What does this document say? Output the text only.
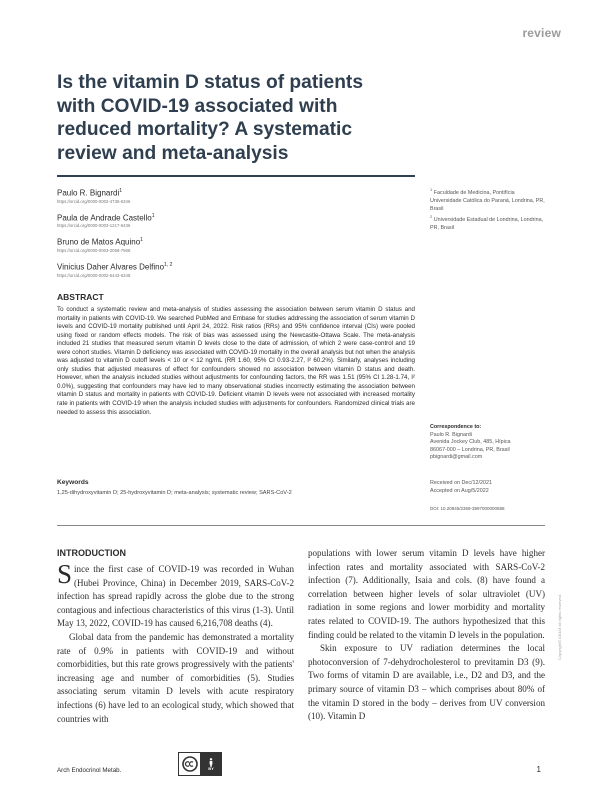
review
Is the vitamin D status of patients with COVID-19 associated with reduced mortality? A systematic review and meta-analysis
Paulo R. Bignardi$^1$
https://orcid.org/0000-0002-4736-6346
Paula de Andrade Castello$^1$
https://orcid.org/0000-0003-1217-6436
Bruno de Matos Aquino$^1$
https://orcid.org/0000-0003-2058-7568
Vinicius Daher Alvares Delfino$^{1, 2}$
https://orcid.org/0000-0002-5443-6348
$^1$ Faculdade de Medicina, Pontifícia Universidade Católica do Paraná, Londrina, PR, Brasil
$^2$ Universidade Estadual de Londrina, Londrina, PR, Brasil
ABSTRACT

To conduct a systematic review and meta-analysis of studies assessing the association between serum vitamin D status and mortality in patients with COVID-19. We searched PubMed and Embase for studies addressing the association of serum vitamin D levels and COVID-19 mortality published until April 24, 2022. Risk ratios (RRs) and 95% confidence interval (CIs) were pooled using fixed or random effects models. The risk of bias was assessed using the Newcastle-Ottawa Scale. The meta-analysis included 21 studies that measured serum vitamin D levels close to the date of admission, of which 2 were case-control and 19 were cohort studies. Vitamin D deficiency was associated with COVID-19 mortality in the overall analysis but not when the analysis was adjusted to vitamin D cutoff levels < 10 or < 12 ng/mL (RR 1.60, 95% CI 0.93-2.27, I² 60.2%). Similarly, analyses including only studies that adjusted measures of effect for confounders showed no association between vitamin D status and death. However, when the analysis included studies without adjustments for confounding factors, the RR was 1.51 (95% CI 1.28-1.74, I² 0.0%), suggesting that confounders may have led to many observational studies incorrectly estimating the association between vitamin D status and mortality in patients with COVID-19. Deficient vitamin D levels were not associated with increased mortality rate in patients with COVID-19 when the analysis included studies with adjustments for confounders. Randomized clinical trials are needed to assess this association.

Keywords

1,25-dihydroxyvitamin D; 25-hydroxyvitamin D; meta-analysis; systematic review; SARS-CoV-2

Correspondence to:
Paulo R. Bignardi
Avenida Jockey Club, 485, Hípica
86067-000 – Londrina, PR, Brasil
pbignardi@gmail.com
Received on Dec/12/2021
Accepted on Aug/5/2022
DOI: 10.20945/2359-3997000000588
INTRODUCTION

Since the first case of COVID-19 was recorded in Wuhan (Hubei Province, China) in December 2019, SARS-CoV-2 infection has spread rapidly across the globe due to the strong contagious and infectious characteristics of this virus (1-3). Until May 13, 2022, COVID-19 has caused 6,216,708 deaths (4).

Global data from the pandemic has demonstrated a mortality rate of 0.9% in patients with COVID-19 and without comorbidities, but this rate grows progressively with the patients' increasing age and number of comorbidities (5). Studies associating serum vitamin D levels with acute respiratory infections (6) have led to an ecological study, which showed that countries with

populations with lower serum vitamin D levels have higher infection rates and mortality associated with SARS-CoV-2 infection (7). Additionally, Isaia and cols. (8) have found a correlation between higher levels of solar ultraviolet (UV) radiation in some regions and lower morbidity and mortality rates related to COVID-19. The authors hypothesized that this finding could be related to the vitamin D levels in the population.

Skin exposure to UV radiation determines the local photoconversion of 7-dehydrocholesterol to previtamin D3 (9). Two forms of vitamin D are available, i.e., D2 and D3, and the primary source of vitamin D3 – which comprises about 80% of the vitamin D stored in the body – derives from UV conversion (10). Vitamin D

Arch Endocrinol Metab.	BY	1
Copyright© AE&M all rights reserved.
